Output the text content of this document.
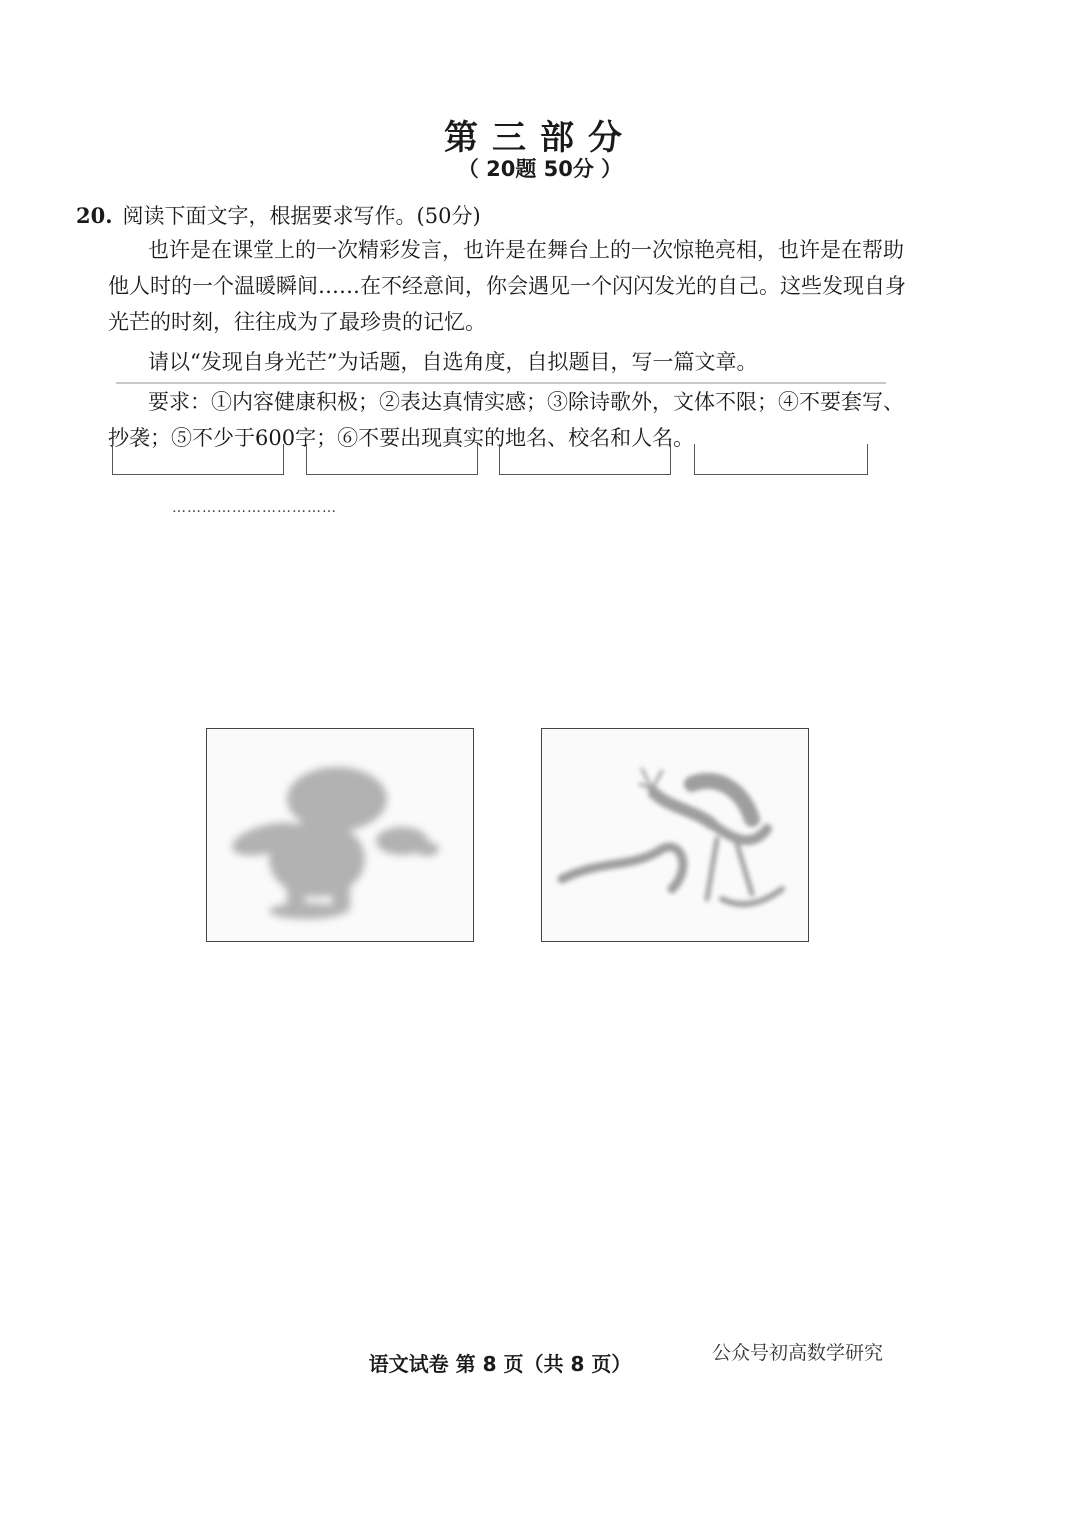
第三部分
（ 20题 50分 ）
20. 阅读下面文字，根据要求写作。(50分)
也许是在课堂上的一次精彩发言，也许是在舞台上的一次惊艳亮相，也许是在帮助他人时的一个温暖瞬间……在不经意间，你会遇见一个闪闪发光的自己。这些发现自身光芒的时刻，往往成为了最珍贵的记忆。
请以“发现自身光芒”为话题，自选角度，自拟题目，写一篇文章。
要求：①内容健康积极；②表达真情实感；③除诗歌外，文体不限；④不要套写、抄袭；⑤不少于600字；⑥不要出现真实的地名、校名和人名。
……………………………
语文试卷 第 8 页（共 8 页）	公众号初高数学研究
